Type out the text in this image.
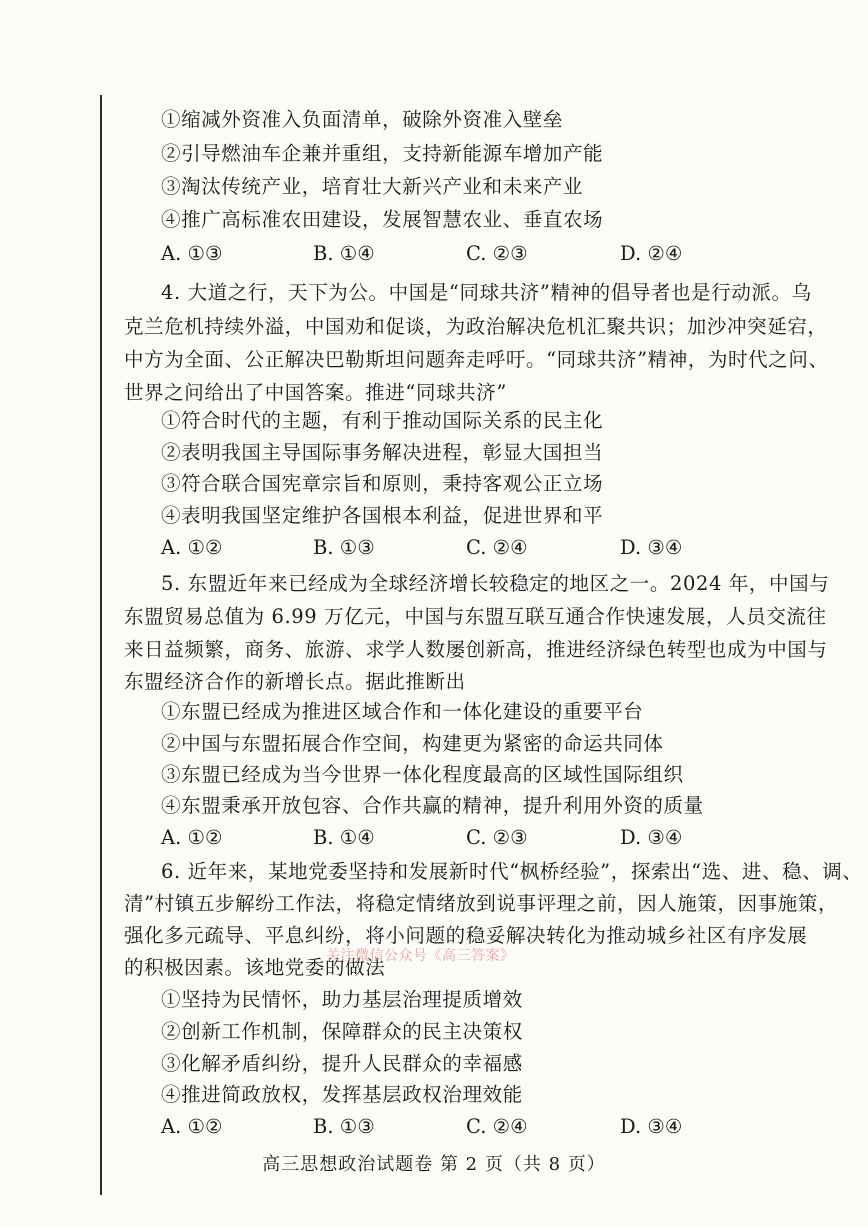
①缩减外资准入负面清单，破除外资准入壁垒
②引导燃油车企兼并重组，支持新能源车增加产能
③淘汰传统产业，培育壮大新兴产业和未来产业
④推广高标准农田建设，发展智慧农业、垂直农场
A. ①③	B. ①④	C. ②③	D. ②④
4. 大道之行，天下为公。中国是“同球共济”精神的倡导者也是行动派。乌
克兰危机持续外溢，中国劝和促谈，为政治解决危机汇聚共识；加沙冲突延宕，
中方为全面、公正解决巴勒斯坦问题奔走呼吁。“同球共济”精神，为时代之问、
世界之问给出了中国答案。推进“同球共济”
①符合时代的主题，有利于推动国际关系的民主化
②表明我国主导国际事务解决进程，彰显大国担当
③符合联合国宪章宗旨和原则，秉持客观公正立场
④表明我国坚定维护各国根本利益，促进世界和平
A. ①②	B. ①③	C. ②④	D. ③④
5. 东盟近年来已经成为全球经济增长较稳定的地区之一。2024 年，中国与
东盟贸易总值为 6.99 万亿元，中国与东盟互联互通合作快速发展，人员交流往
来日益频繁，商务、旅游、求学人数屡创新高，推进经济绿色转型也成为中国与
东盟经济合作的新增长点。据此推断出
①东盟已经成为推进区域合作和一体化建设的重要平台
②中国与东盟拓展合作空间，构建更为紧密的命运共同体
③东盟已经成为当今世界一体化程度最高的区域性国际组织
④东盟秉承开放包容、合作共赢的精神，提升利用外资的质量
A. ①②	B. ①④	C. ②③	D. ③④
6. 近年来，某地党委坚持和发展新时代“枫桥经验”，探索出“选、进、稳、调、
清”村镇五步解纷工作法，将稳定情绪放到说事评理之前，因人施策，因事施策，
强化多元疏导、平息纠纷，将小问题的稳妥解决转化为推动城乡社区有序发展
的积极因素。该地党委的做法
关注微信公众号《高三答案》
①坚持为民情怀，助力基层治理提质增效
②创新工作机制，保障群众的民主决策权
③化解矛盾纠纷，提升人民群众的幸福感
④推进简政放权，发挥基层政权治理效能
A. ①②	B. ①③	C. ②④	D. ③④
高三思想政治试题卷 第 2 页（共 8 页）
